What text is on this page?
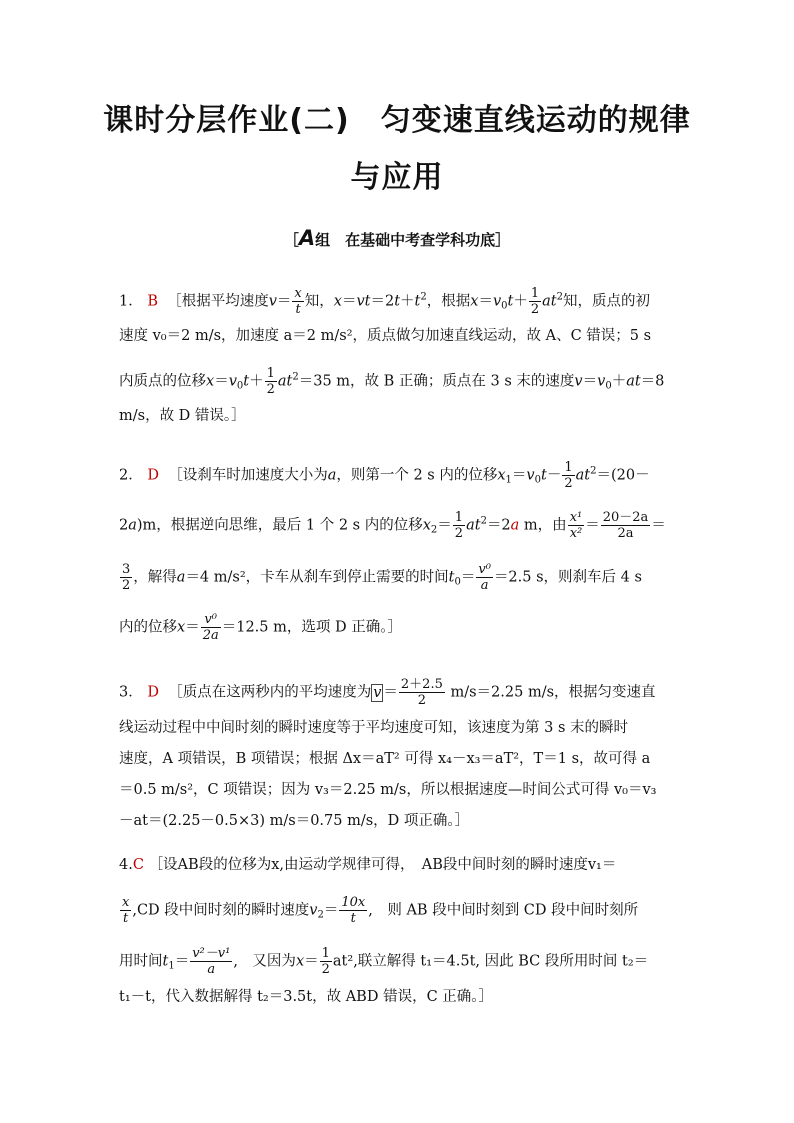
课时分层作业(二)　匀变速直线运动的规律
与应用
［A组　在基础中考查学科功底］
1． B ［根据平均速度$v= \frac{x}{t}$ 知，$x=vt=2t+t^2$，根据$x=v_0t+ \frac{1}{2} at^2$知，质点的初
速度 v₀＝2 m/s，加速度 a＝2 m/s²，质点做匀加速直线运动，故 A、C 错误；5 s
内质点的位移$x=v_0t+ \frac{1}{2} at^2=35$ m，故 B 正确；质点在 3 s 末的速度$v=v_0+at=8$
m/s，故 D 错误。］
2． D ［设刹车时加速度大小为a，则第一个 2 s 内的位移$x_1=v_0t- \frac{1}{2} at^2=(20-$
2a)m，根据逆向思维，最后 1 个 2 s 内的位移$x_2= \frac{1}{2} at^2=2a$ m，由 $\frac{\text{x¹}}{\text{x²}} = \frac{20-2a}{2a}$ ＝
$\frac{3}{2}$ ，解得a＝4 m/s²，卡车从刹车到停止需要的时间$t_0= \frac{\text{v⁰}}{a} =2.5$ s，则刹车后 4 s
内的位移$x= \frac{\text{v⁰}}{2a} =12.5$ m，选项 D 正确。］
3． D ［质点在这两秒内的平均速度为 $v = \frac{2+2.5}{2} m/s=2.25$ m/s，根据匀变速直
线运动过程中中间时刻的瞬时速度等于平均速度可知，该速度为第 3 s 末的瞬时
速度，A 项错误，B 项错误；根据 Δx＝aT² 可得 x₄－x₃＝aT²，T＝1 s，故可得 a
＝0.5 m/s²，C 项错误；因为 v₃＝2.25 m/s，所以根据速度—时间公式可得 v₀＝v₃
－at＝(2.25－0.5×3) m/s＝0.75 m/s，D 项正确。］
4.C ［设AB段的位移为x,由运动学规律可得，　AB段中间时刻的瞬时速度v₁＝
$\frac{x}{t} ,CD$ 段中间时刻的瞬时速度$v_2= \frac{10x}{t}$ ,　则 AB 段中间时刻到 CD 段中间时刻所
用时间$t_1= \frac{\text{v²－v¹}}{a}$ ,　又因为$x= \frac{1}{2} at^2$,联立解得 t₁＝4.5t, 因此 BC 段所用时间 t₂＝
t₁－t，代入数据解得 t₂＝3.5t，故 ABD 错误，C 正确。］
